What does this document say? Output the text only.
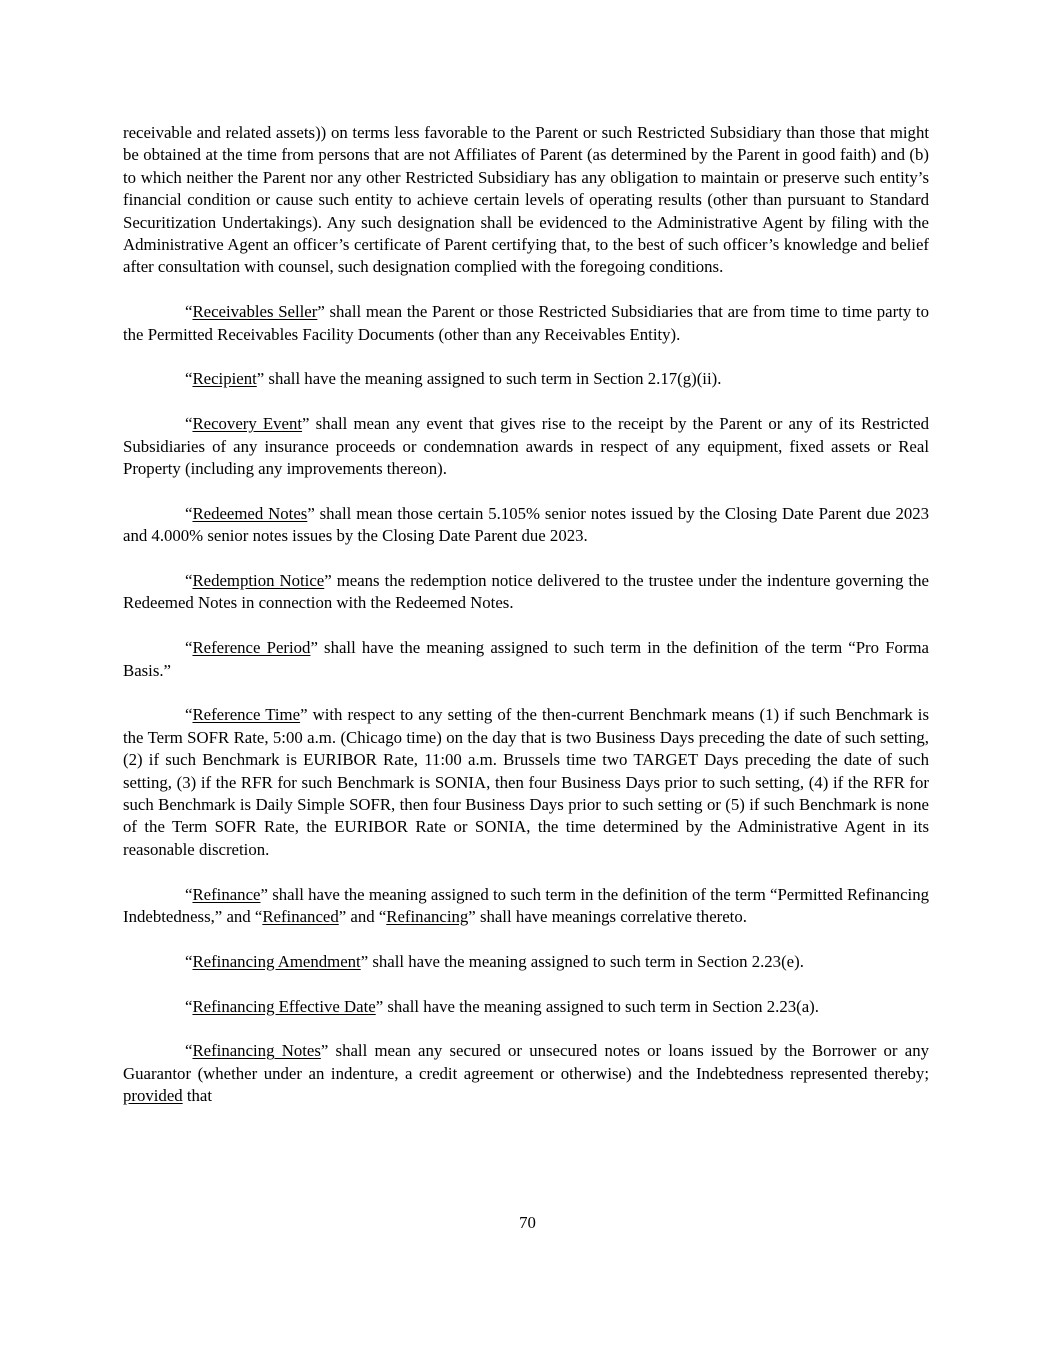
receivable and related assets)) on terms less favorable to the Parent or such Restricted Subsidiary than those that might be obtained at the time from persons that are not Affiliates of Parent (as determined by the Parent in good faith) and (b) to which neither the Parent nor any other Restricted Subsidiary has any obligation to maintain or preserve such entity’s financial condition or cause such entity to achieve certain levels of operating results (other than pursuant to Standard Securitization Undertakings). Any such designation shall be evidenced to the Administrative Agent by filing with the Administrative Agent an officer’s certificate of Parent certifying that, to the best of such officer’s knowledge and belief after consultation with counsel, such designation complied with the foregoing conditions.

“Receivables Seller” shall mean the Parent or those Restricted Subsidiaries that are from time to time party to the Permitted Receivables Facility Documents (other than any Receivables Entity).

“Recipient” shall have the meaning assigned to such term in Section 2.17(g)(ii).

“Recovery Event” shall mean any event that gives rise to the receipt by the Parent or any of its Restricted Subsidiaries of any insurance proceeds or condemnation awards in respect of any equipment, fixed assets or Real Property (including any improvements thereon).

“Redeemed Notes” shall mean those certain 5.105% senior notes issued by the Closing Date Parent due 2023 and 4.000% senior notes issues by the Closing Date Parent due 2023.

“Redemption Notice” means the redemption notice delivered to the trustee under the indenture governing the Redeemed Notes in connection with the Redeemed Notes.

“Reference Period” shall have the meaning assigned to such term in the definition of the term “Pro Forma Basis.”

“Reference Time” with respect to any setting of the then-current Benchmark means (1) if such Benchmark is the Term SOFR Rate, 5:00 a.m. (Chicago time) on the day that is two Business Days preceding the date of such setting, (2) if such Benchmark is EURIBOR Rate, 11:00 a.m. Brussels time two TARGET Days preceding the date of such setting, (3) if the RFR for such Benchmark is SONIA, then four Business Days prior to such setting, (4) if the RFR for such Benchmark is Daily Simple SOFR, then four Business Days prior to such setting or (5) if such Benchmark is none of the Term SOFR Rate, the EURIBOR Rate or SONIA, the time determined by the Administrative Agent in its reasonable discretion.

“Refinance” shall have the meaning assigned to such term in the definition of the term “Permitted Refinancing Indebtedness,” and “Refinanced” and “Refinancing” shall have meanings correlative thereto.

“Refinancing Amendment” shall have the meaning assigned to such term in Section 2.23(e).

“Refinancing Effective Date” shall have the meaning assigned to such term in Section 2.23(a).

“Refinancing Notes” shall mean any secured or unsecured notes or loans issued by the Borrower or any Guarantor (whether under an indenture, a credit agreement or otherwise) and the Indebtedness represented thereby; provided that

70
